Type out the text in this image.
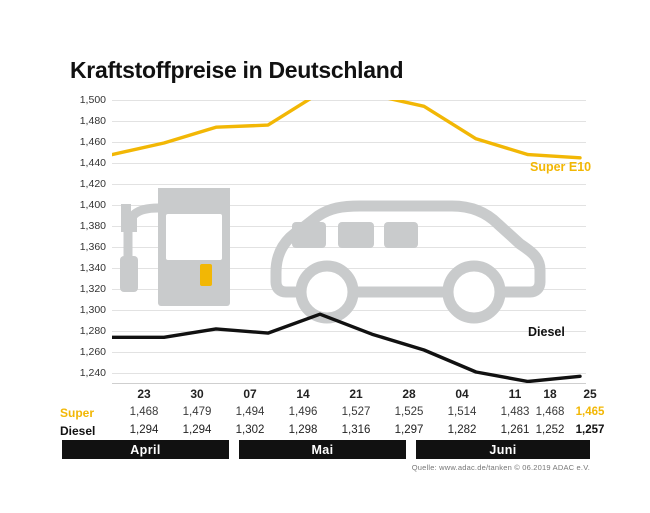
Kraftstoffpreise in Deutschland
1,500
1,480
1,460
1,440
1,420
1,400
1,380
1,360
1,340
1,320
1,300
1,280
1,260
1,240
Super E10
Diesel
23	30	07	14	21	28	04	11	18	25
Super	1,468	1,479	1,494	1,496	1,527	1,525	1,514	1,483 1,468 1,465
Diesel	1,294	1,294	1,302	1,298	1,316	1,297	1,282	1,261 1,252 1,257
April	Mai	Juni
Quelle: www.adac.de/tanken © 06.2019 ADAC e.V.
